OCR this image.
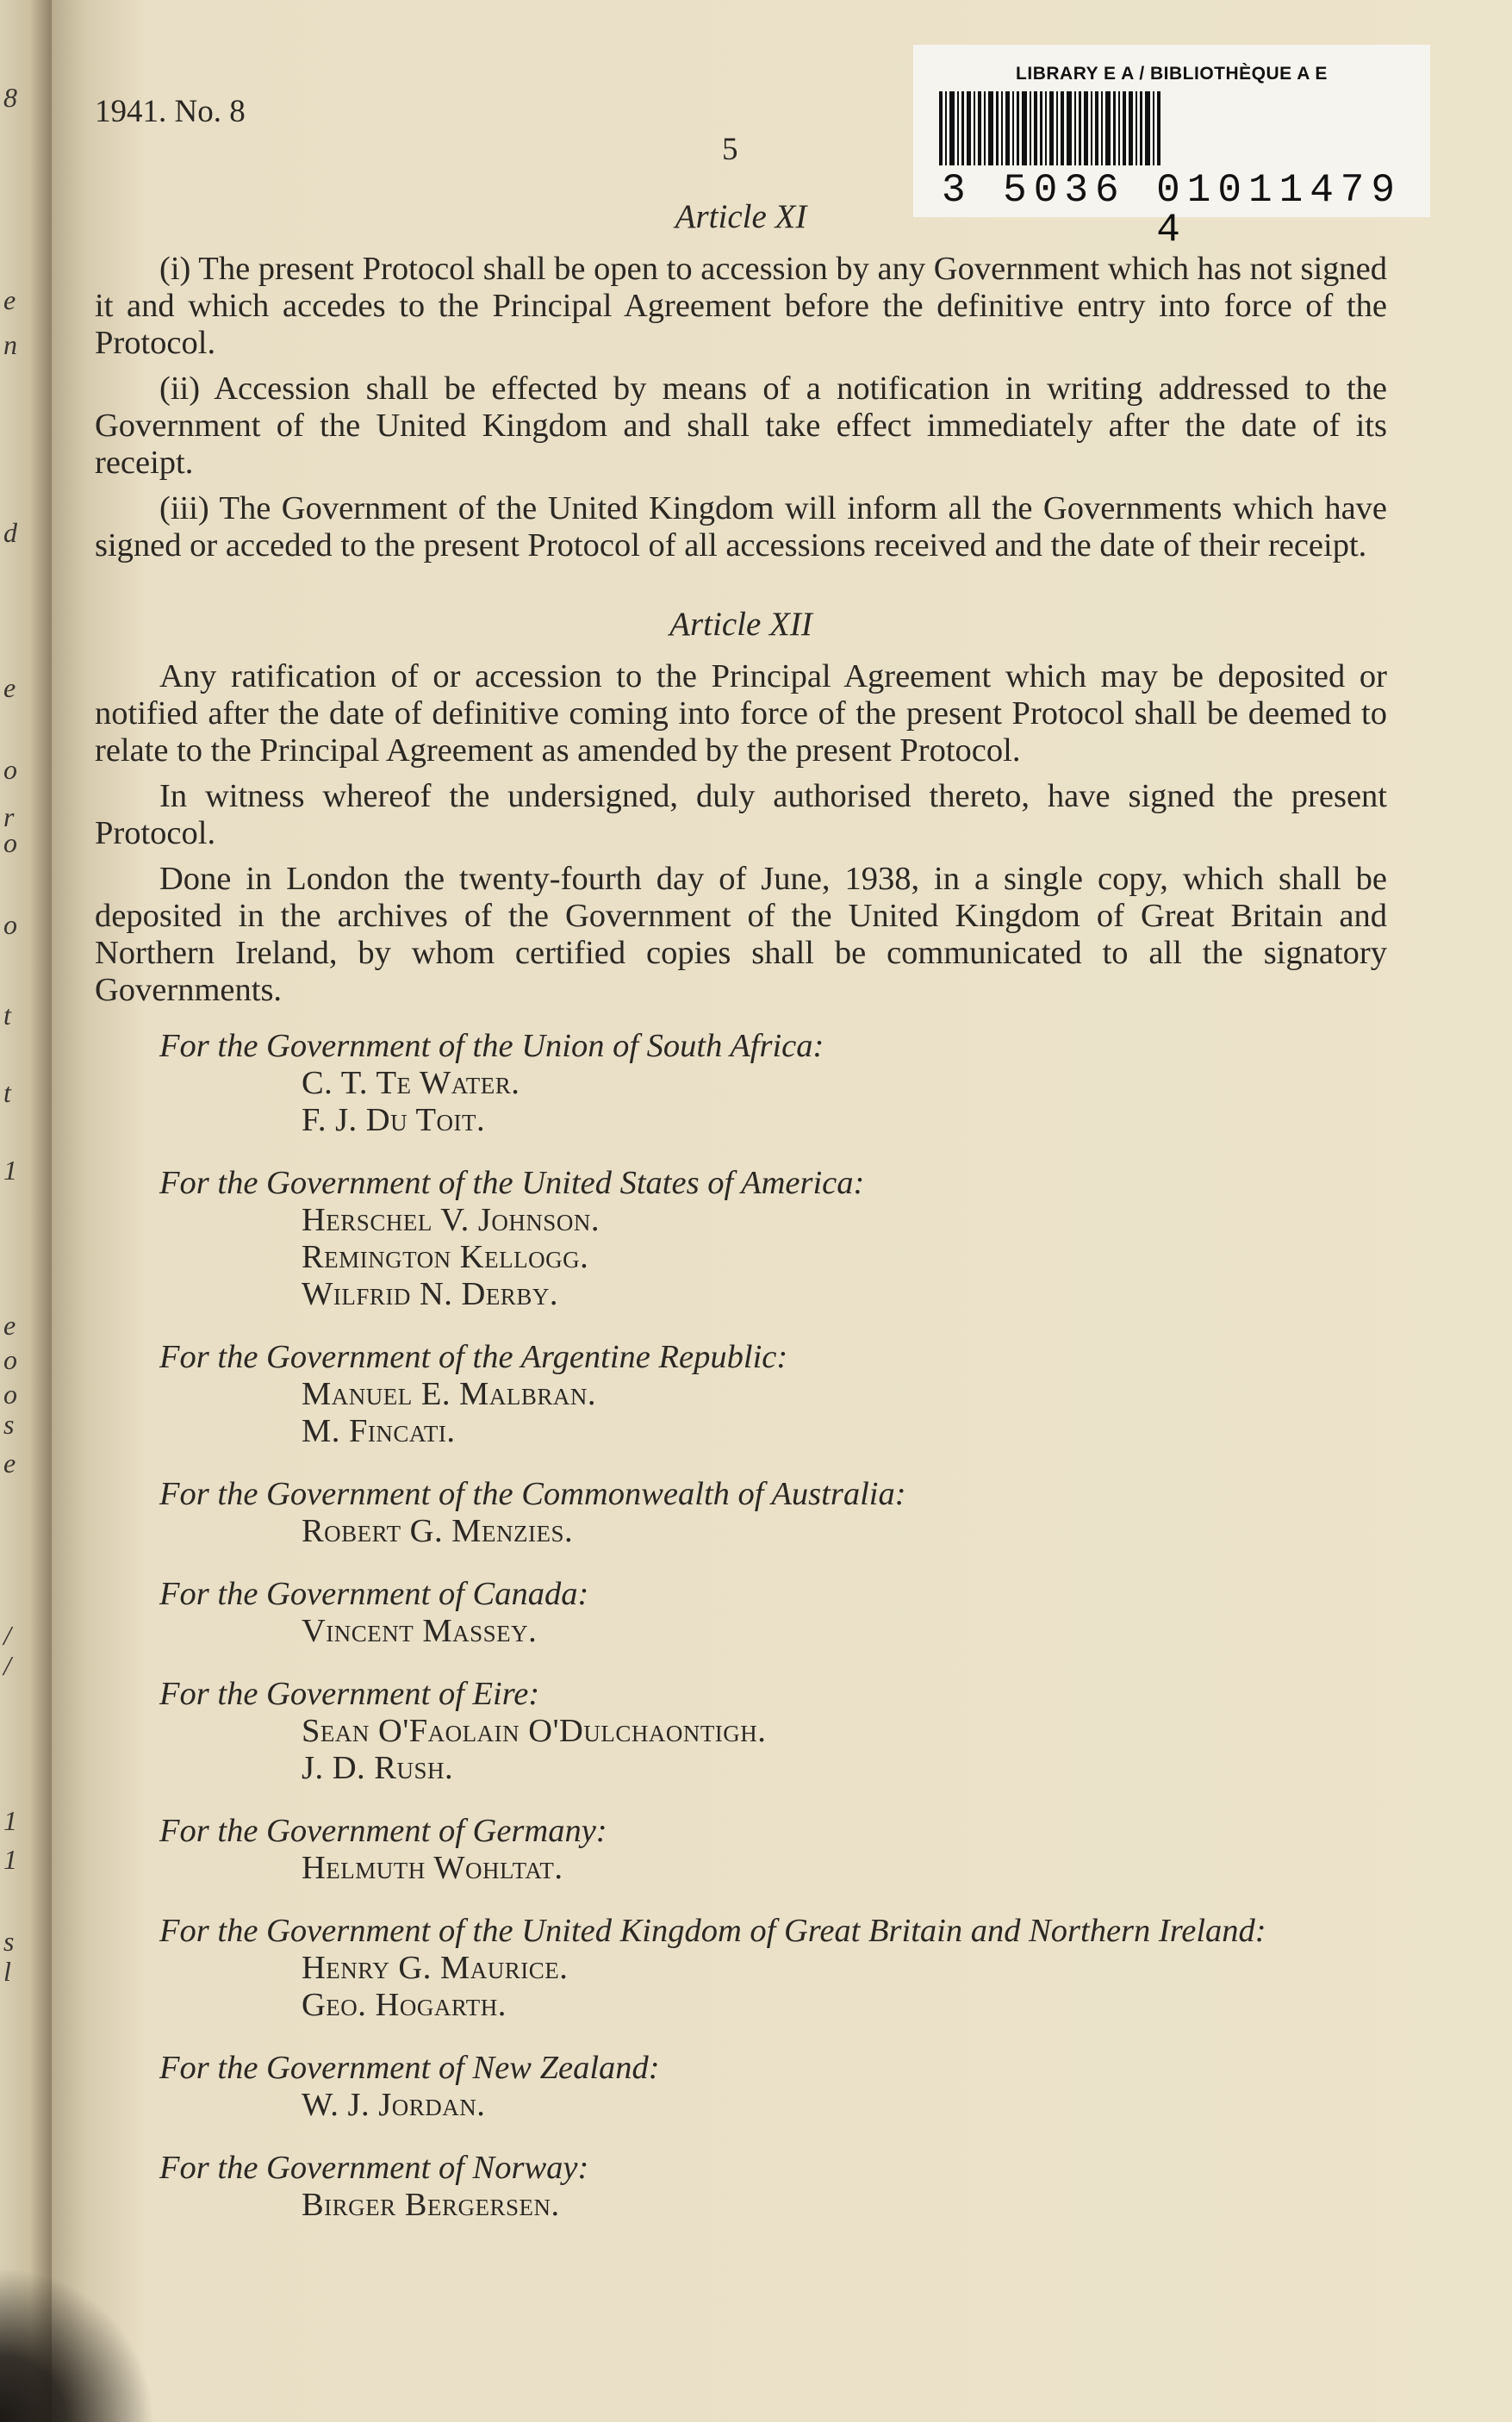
8
e
n
d
e
o
r
o
o
t
t
1
e
o
o
s
e
/
/
1
1
s
l
1941. No. 8
5
LIBRARY E A / BIBLIOTHÈQUE A E
3 5036 01011479 4
Article XI

(i) The present Protocol shall be open to accession by any Government which has not signed it and which accedes to the Principal Agreement before the definitive entry into force of the Protocol.

(ii) Accession shall be effected by means of a notification in writing addressed to the Government of the United Kingdom and shall take effect immediately after the date of its receipt.

(iii) The Government of the United Kingdom will inform all the Governments which have signed or acceded to the present Protocol of all accessions received and the date of their receipt.

Article XII

Any ratification of or accession to the Principal Agreement which may be deposited or notified after the date of definitive coming into force of the present Protocol shall be deemed to relate to the Principal Agreement as amended by the present Protocol.

In witness whereof the undersigned, duly authorised thereto, have signed the present Protocol.

Done in London the twenty-fourth day of June, 1938, in a single copy, which shall be deposited in the archives of the Government of the United Kingdom of Great Britain and Northern Ireland, by whom certified copies shall be communicated to all the signatory Governments.

For the Government of the Union of South Africa:
C. T. Te Water.
F. J. Du Toit.
For the Government of the United States of America:
Herschel V. Johnson.
Remington Kellogg.
Wilfrid N. Derby.
For the Government of the Argentine Republic:
Manuel E. Malbran.
M. Fincati.
For the Government of the Commonwealth of Australia:
Robert G. Menzies.
For the Government of Canada:
Vincent Massey.
For the Government of Eire:
Sean O'Faolain O'Dulchaontigh.
J. D. Rush.
For the Government of Germany:
Helmuth Wohltat.
For the Government of the United Kingdom of Great Britain and Northern Ireland:
Henry G. Maurice.
Geo. Hogarth.
For the Government of New Zealand:
W. J. Jordan.
For the Government of Norway:
Birger Bergersen.
